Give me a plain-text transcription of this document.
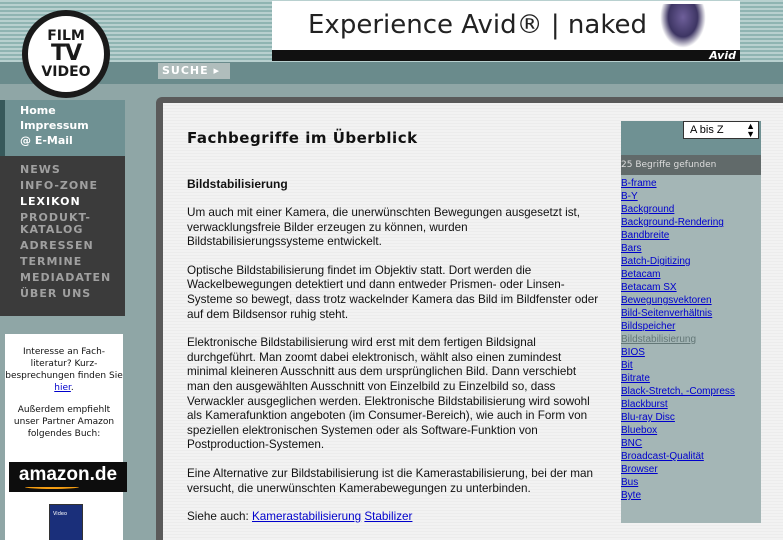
FILM
TV
VIDEO
Experience Avid® | naked
Avid
SUCHE ▸
Home
Impressum
@ E-Mail
NEWS
INFO-ZONE
LEXIKON
PRODUKT-
KATALOG
ADRESSEN
TERMINE
MEDIADATEN
ÜBER UNS

Interesse an Fach-literatur? Kurz-besprechungen finden Sie hier.

Außerdem empfiehlt unser Partner Amazon folgendes Buch:

amazon.de
Video
Fachbegriffe im Überblick
Bildstabilisierung

Um auch mit einer Kamera, die unerwünschten Bewegungen ausgesetzt ist, verwacklungsfreie Bilder erzeugen zu können, wurden Bildstabilisierungssysteme entwickelt.

Optische Bildstabilisierung findet im Objektiv statt. Dort werden die Wackelbewegungen detektiert und dann entweder Prismen- oder Linsen-Systeme so bewegt, dass trotz wackelnder Kamera das Bild im Bildfenster oder auf dem Bildsensor ruhig steht.

Elektronische Bildstabilisierung wird erst mit dem fertigen Bildsignal durchgeführt. Man zoomt dabei elektronisch, wählt also einen zumindest minimal kleineren Ausschnitt aus dem ursprünglichen Bild. Dann verschiebt man den ausgewählten Ausschnitt von Einzelbild zu Einzelbild so, dass Verwackler ausgeglichen werden. Elektronische Bildstabilisierung wird sowohl als Kamerafunktion angeboten (im Consumer-Bereich), wie auch in Form von speziellen elektronischen Systemen oder als Software-Funktion von Postproduction-Systemen.

Eine Alternative zur Bildstabilisierung ist die Kamerastabilisierung, bei der man versucht, die unerwünschten Kamerabewegungen zu unterbinden.

Siehe auch: Kamerastabilisierung Stabilizer

A bis Z ▲
▼
25 Begriffe gefunden
B-frame
B-Y
Background
Background-Rendering
Bandbreite
Bars
Batch-Digitizing
Betacam
Betacam SX
Bewegungsvektoren
Bild-Seitenverhältnis
Bildspeicher
Bildstabilisierung
BIOS
Bit
Bitrate
Black-Stretch, -Compress
Blackburst
Blu-ray Disc
Bluebox
BNC
Broadcast-Qualität
Browser
Bus
Byte
